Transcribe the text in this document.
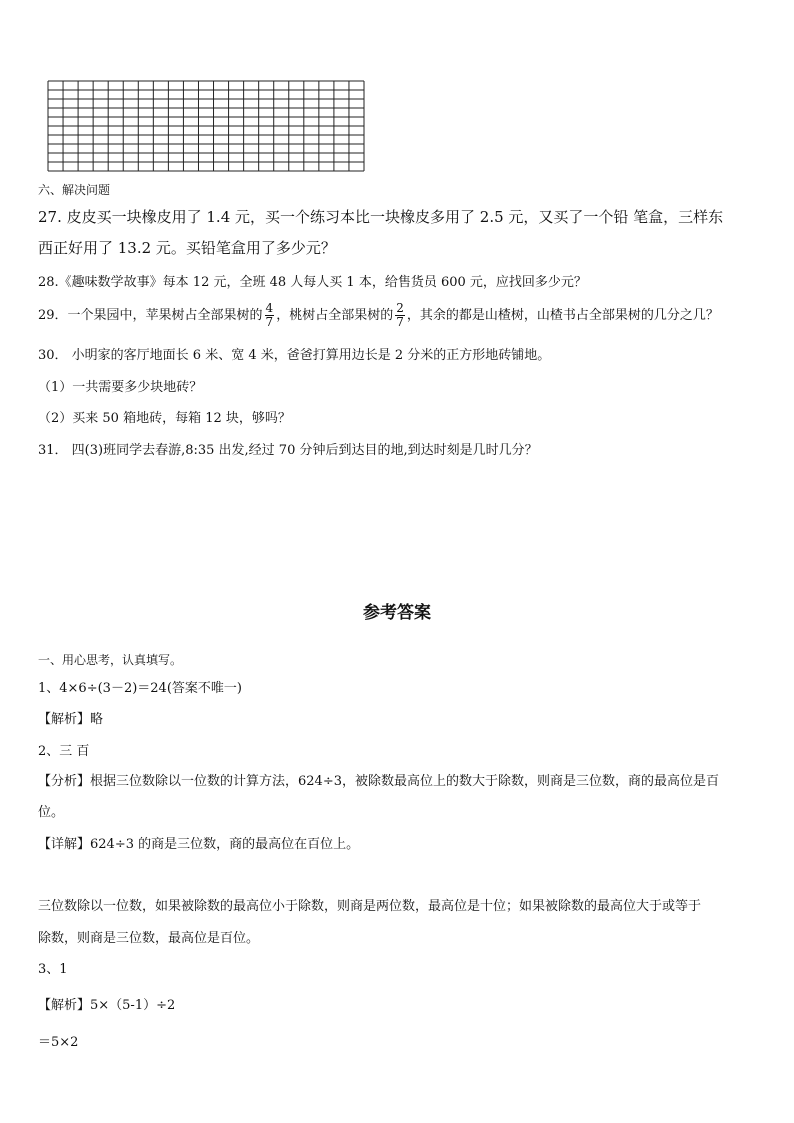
六、解决问题
27. 皮皮买一块橡皮用了 1.4 元，买一个练习本比一块橡皮多用了 2.5 元，又买了一个铅 笔盒，三样东
西正好用了 13.2 元。买铅笔盒用了多少元？
28.《趣味数学故事》每本 12 元，全班 48 人每人买 1 本，给售货员 600 元，应找回多少元？
29．一个果园中，苹果树占全部果树的 $\frac{4}{7}$ ，桃树占全部果树的 $\frac{2}{7}$ ，其余的都是山楂树，山楂书占全部果树的几分之几？
30． 小明家的客厅地面长 6 米、宽 4 米，爸爸打算用边长是 2 分米的正方形地砖铺地。
（1）一共需要多少块地砖？
（2）买来 50 箱地砖，每箱 12 块，够吗？
31． 四(3)班同学去春游,8:35 出发,经过 70 分钟后到达目的地,到达时刻是几时几分？
参考答案
一、用心思考，认真填写。
1、4×6÷(3－2)＝24(答案不唯一)
【解析】略
2、三 百
【分析】根据三位数除以一位数的计算方法，624÷3，被除数最高位上的数大于除数，则商是三位数，商的最高位是百
位。
【详解】624÷3 的商是三位数，商的最高位在百位上。
三位数除以一位数，如果被除数的最高位小于除数，则商是两位数，最高位是十位；如果被除数的最高位大于或等于
除数，则商是三位数，最高位是百位。
3、1
【解析】5×（5-1）÷2
＝5×2
